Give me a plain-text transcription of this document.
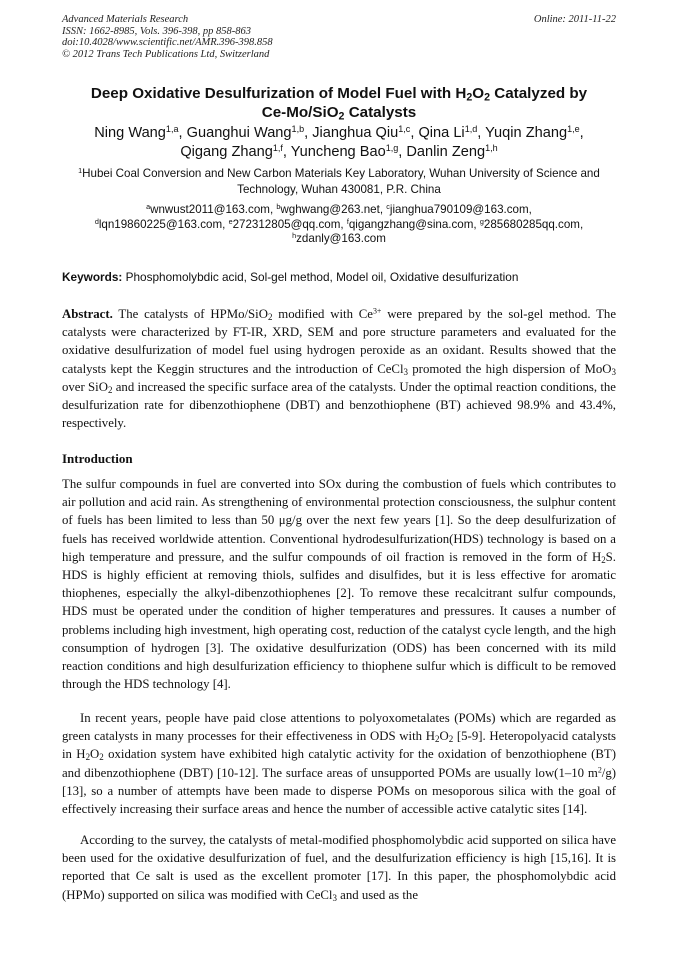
Advanced Materials Research
ISSN: 1662-8985, Vols. 396-398, pp 858-863
doi:10.4028/www.scientific.net/AMR.396-398.858
© 2012 Trans Tech Publications Ltd, Switzerland
Online: 2011-11-22
Deep Oxidative Desulfurization of Model Fuel with $H_2O_2$ Catalyzed by
Ce-Mo/SiO$_2$ Catalysts
Ning Wang$^{1,a}$, Guanghui Wang$^{1,b}$, Jianghua Qiu$^{1,c}$, Qina Li$^{1,d}$, Yuqin Zhang$^{1,e}$,
Qigang Zhang$^{1,f}$, Yuncheng Bao$^{1,g}$, Danlin Zeng$^{1,h}$
$^1$Hubei Coal Conversion and New Carbon Materials Key Laboratory, Wuhan University of Science and Technology, Wuhan 430081, P.R. China
$^a$wnwust2011@163.com, $^b$wghwang@263.net, $^c$jianghua790109@163.com,
$^d$lqn19860225@163.com, $^e$272312805@qq.com, $^f$qigangzhang@sina.com, $^g$285680285qq.com,
$^h$zdanly@163.com
Keywords: Phosphomolybdic acid, Sol-gel method, Model oil, Oxidative desulfurization

Abstract. The catalysts of HPMo/SiO$_2$ modified with $Ce^{3+}$ were prepared by the sol-gel method. The catalysts were characterized by FT-IR, XRD, SEM and pore structure parameters and evaluated for the oxidative desulfurization of model fuel using hydrogen peroxide as an oxidant. Results showed that the catalysts kept the Keggin structures and the introduction of CeCl$_3$ promoted the high dispersion of MoO$_3$ over SiO$_2$ and increased the specific surface area of the catalysts. Under the optimal reaction conditions, the desulfurization rate for dibenzothiophene (DBT) and benzothiophene (BT) achieved 98.9% and 43.4%, respectively.

Introduction

The sulfur compounds in fuel are converted into SOx during the combustion of fuels which contributes to air pollution and acid rain. As strengthening of environmental protection consciousness, the sulphur content of fuels has been limited to less than 50 μg/g over the next few years [1]. So the deep desulfurization of fuels has received worldwide attention. Conventional hydrodesulfurization(HDS) technology is based on a high temperature and pressure, and the sulfur compounds of oil fraction is removed in the form of $H_2S$. HDS is highly efficient at removing thiols, sulfides and disulfides, but it is less effective for aromatic thiophenes, especially the alkyl-dibenzothiophenes [2]. To remove these recalcitrant sulfur compounds, HDS must be operated under the condition of higher temperatures and pressures. It causes a number of problems including high investment, high operating cost, reduction of the catalyst cycle length, and the high consumption of hydrogen [3]. The oxidative desulfurization (ODS) has been concerned with its mild reaction conditions and high desulfurization efficiency to thiophene sulfur which is difficult to be removed through the HDS technology [4].

In recent years, people have paid close attentions to polyoxometalates (POMs) which are regarded as green catalysts in many processes for their effectiveness in ODS with $H_2O_2$ [5-9]. Heteropolyacid catalysts in $H_2O_2$ oxidation system have exhibited high catalytic activity for the oxidation of benzothiophene (BT) and dibenzothiophene (DBT) [10-12]. The surface areas of unsupported POMs are usually low(1–10 $m^2/g$) [13], so a number of attempts have been made to disperse POMs on mesoporous silica with the goal of effectively increasing their surface areas and hence the number of accessible active catalytic sites [14].

According to the survey, the catalysts of metal-modified phosphomolybdic acid supported on silica have been used for the oxidative desulfurization of fuel, and the desulfurization efficiency is high [15,16]. It is reported that Ce salt is used as the excellent promoter [17]. In this paper, the phosphomolybdic acid (HPMo) supported on silica was modified with CeCl$_3$ and used as the
